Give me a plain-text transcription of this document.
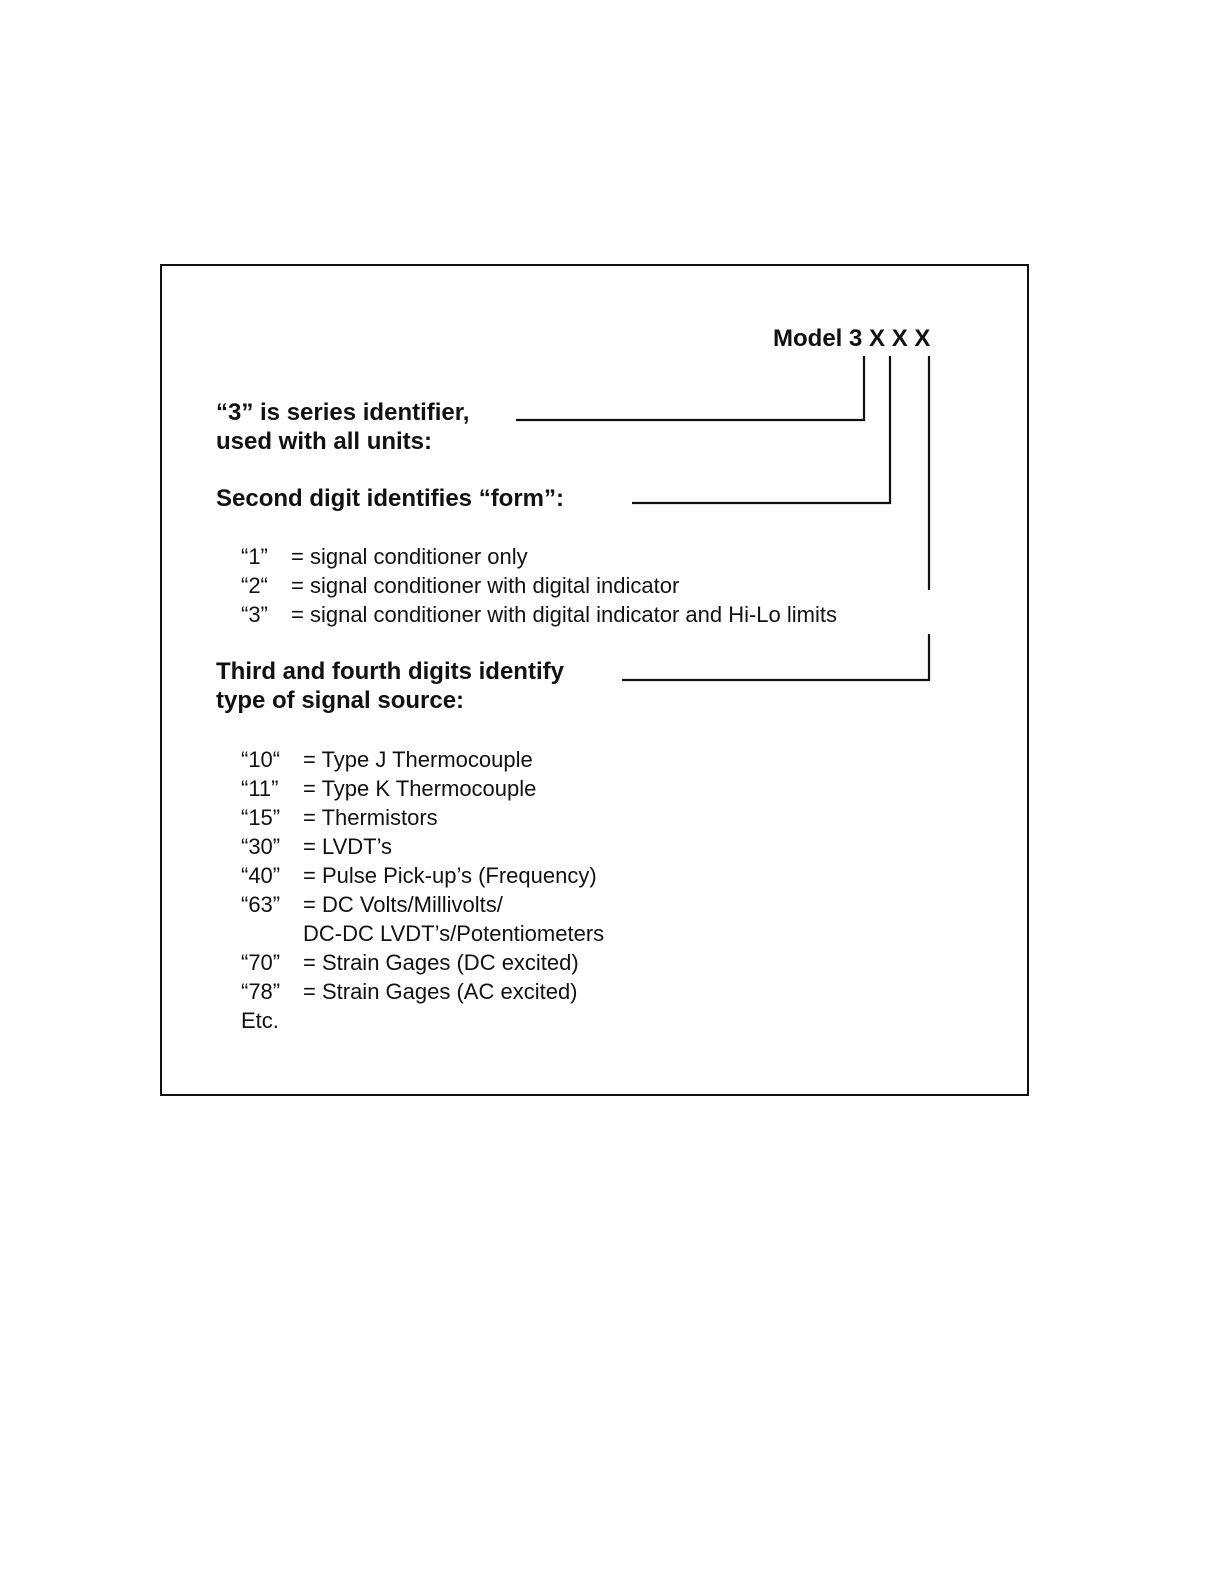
Model 3 X X X
“3” is series identifier,
used with all units:
Second digit identifies “form”:
“1” = signal conditioner only
“2“ = signal conditioner with digital indicator
“3” = signal conditioner with digital indicator and Hi-Lo limits
Third and fourth digits identify
type of signal source:
“10“ = Type J Thermocouple
“11” = Type K Thermocouple
“15” = Thermistors
“30” = LVDT’s
“40” = Pulse Pick-up’s (Frequency)
“63” = DC Volts/Millivolts/
DC-DC LVDT’s/Potentiometers
“70” = Strain Gages (DC excited)
“78” = Strain Gages (AC excited)
Etc.
